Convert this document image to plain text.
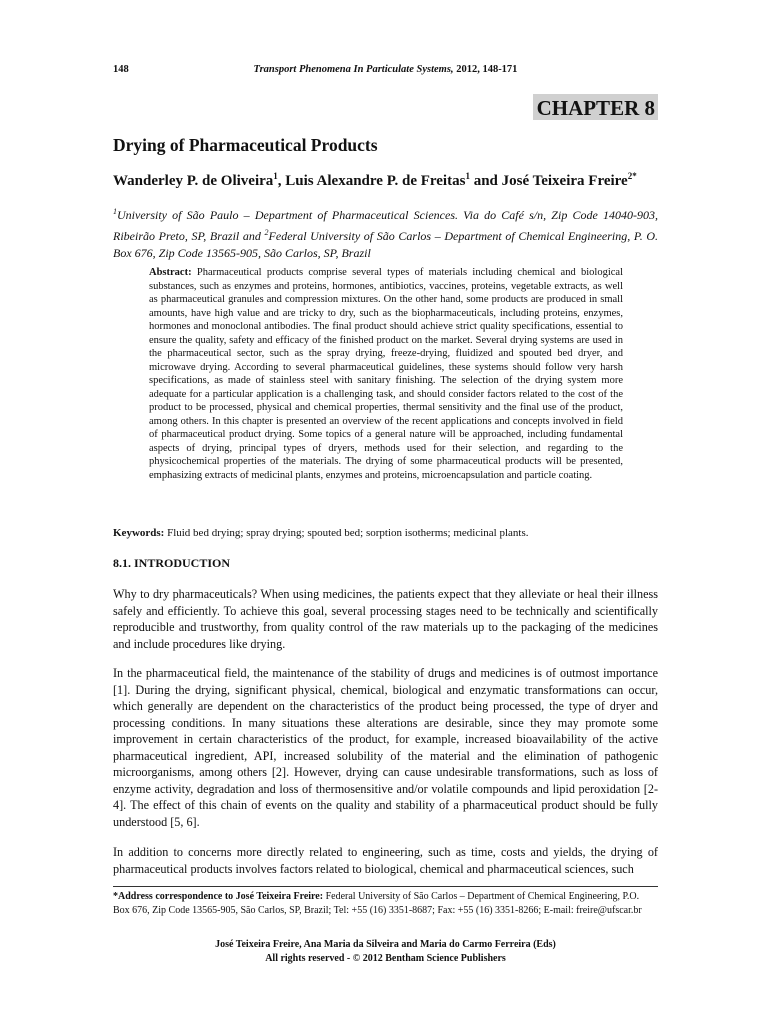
148	Transport Phenomena In Particulate Systems, 2012, 148-171
CHAPTER 8
Drying of Pharmaceutical Products
Wanderley P. de Oliveira$^1$, Luis Alexandre P. de Freitas$^1$ and José Teixeira Freire$^{2*}$
$^1$University of São Paulo – Department of Pharmaceutical Sciences. Via do Café s/n, Zip Code 14040-903, Ribeirão Preto, SP, Brazil and $^2$Federal University of São Carlos – Department of Chemical Engineering, P. O. Box 676, Zip Code 13565-905, São Carlos, SP, Brazil
Abstract: Pharmaceutical products comprise several types of materials including chemical and biological substances, such as enzymes and proteins, hormones, antibiotics, vaccines, proteins, vegetable extracts, as well as pharmaceutical granules and compression mixtures. On the other hand, some products are produced in small amounts, have high value and are tricky to dry, such as the biopharmaceuticals, including proteins, enzymes, hormones and monoclonal antibodies. The final product should achieve strict quality specifications, essential to ensure the quality, safety and efficacy of the finished product on the market. Several drying systems are used in the pharmaceutical sector, such as the spray drying, freeze-drying, fluidized and spouted bed dryer, and microwave drying. According to several pharmaceutical guidelines, these systems should follow very harsh specifications, as made of stainless steel with sanitary finishing. The selection of the drying system more adequate for a particular application is a challenging task, and should consider factors related to the cost of the product to be processed, physical and chemical properties, thermal sensitivity and the final use of the product, among others. In this chapter is presented an overview of the recent applications and concepts involved in field of pharmaceutical product drying. Some topics of a general nature will be approached, including fundamental aspects of drying, principal types of dryers, methods used for their selection, and regarding to the physicochemical properties of the materials. The drying of some pharmaceutical products will be presented, emphasizing extracts of medicinal plants, enzymes and proteins, microencapsulation and particle coating.
Keywords: Fluid bed drying; spray drying; spouted bed; sorption isotherms; medicinal plants.
8.1. INTRODUCTION
Why to dry pharmaceuticals? When using medicines, the patients expect that they alleviate or heal their illness safely and efficiently. To achieve this goal, several processing stages need to be technically and scientifically reproducible and trustworthy, from quality control of the raw materials up to the packaging of the medicines and include procedures like drying.
In the pharmaceutical field, the maintenance of the stability of drugs and medicines is of outmost importance [1]. During the drying, significant physical, chemical, biological and enzymatic transformations can occur, which generally are dependent on the characteristics of the product being processed, the type of dryer and processing conditions. In many situations these alterations are desirable, since they may promote some improvement in certain characteristics of the product, for example, increased bioavailability of the active pharmaceutical ingredient, API, increased solubility of the material and the elimination of pathogenic microorganisms, among others [2]. However, drying can cause undesirable transformations, such as loss of enzyme activity, degradation and loss of thermosensitive and/or volatile compounds and lipid peroxidation [2-4]. The effect of this chain of events on the quality and stability of a pharmaceutical product should be fully understood [5, 6].
In addition to concerns more directly related to engineering, such as time, costs and yields, the drying of pharmaceutical products involves factors related to biological, chemical and pharmaceutical sciences, such
*Address correspondence to José Teixeira Freire: Federal University of São Carlos – Department of Chemical Engineering, P.O. Box 676, Zip Code 13565-905, São Carlos, SP, Brazil; Tel: +55 (16) 3351-8687; Fax: +55 (16) 3351-8266; E-mail: freire@ufscar.br
José Teixeira Freire, Ana Maria da Silveira and Maria do Carmo Ferreira (Eds)
All rights reserved - © 2012 Bentham Science Publishers
